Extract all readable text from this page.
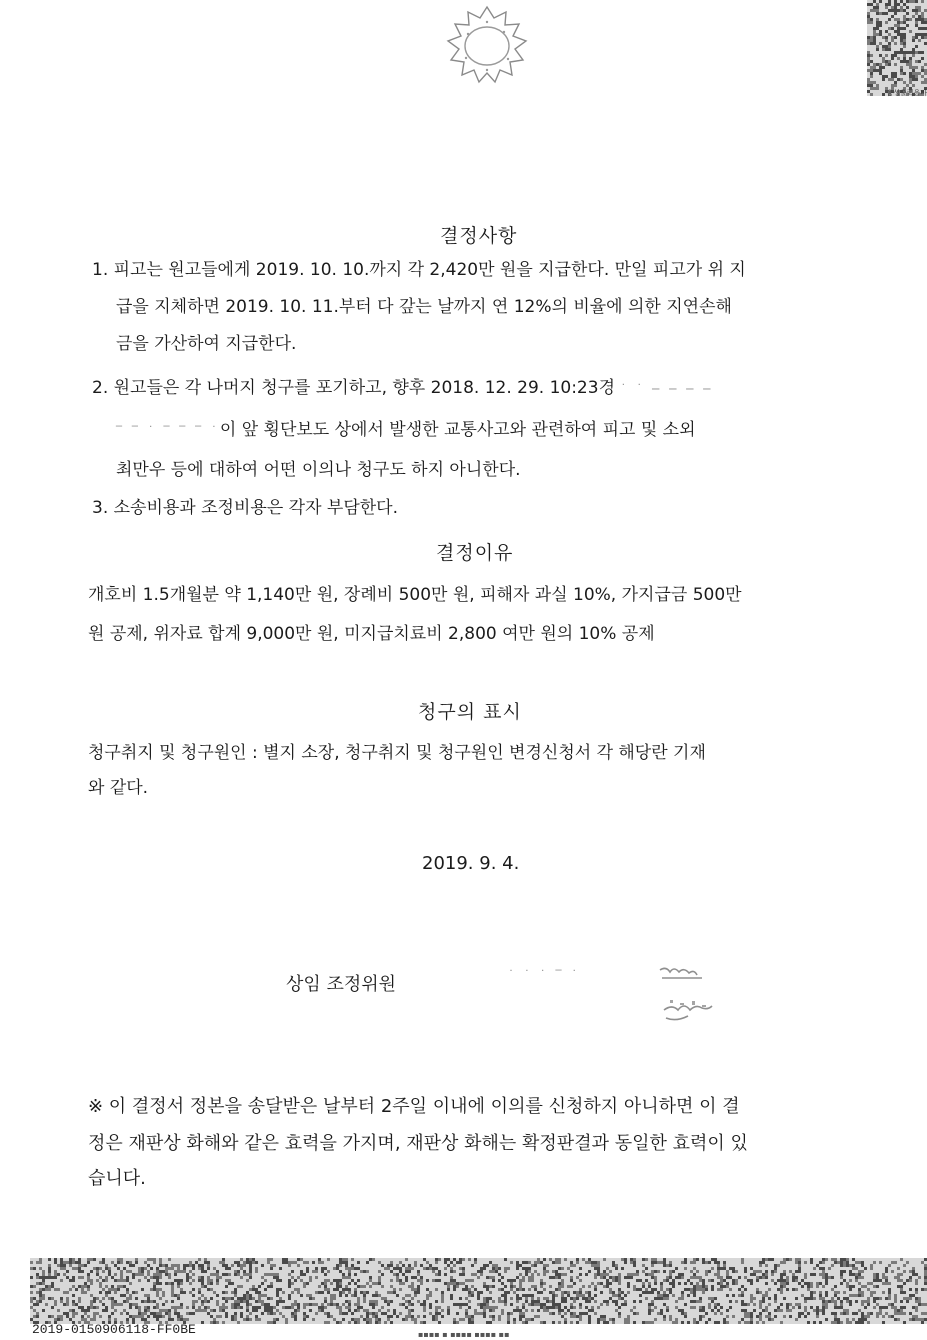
음성출력용바
결정사항
1. 피고는 원고들에게 2019. 10. 10.까지 각 2,420만 원을 지급한다. 만일 피고가 위 지
급을 지체하면 2019. 10. 11.부터 다 갚는 날까지 연 12%의 비율에 의한 지연손해
금을 가산하여 지급한다.
2. 원고들은 각 나머지 청구를 포기하고, 향후 2018. 12. 29. 10:23경 ˙ ˙ ─ ─ ─ ─
‾ ‾ ˙ ‾ ‾ ‾ ˙이 앞 횡단보도 상에서 발생한 교통사고와 관련하여 피고 및 소외
최만우 등에 대하여 어떤 이의나 청구도 하지 아니한다.
3. 소송비용과 조정비용은 각자 부담한다.
결정이유
개호비 1.5개월분 약 1,140만 원, 장례비 500만 원, 피해자 과실 10%, 가지급금 500만
원 공제, 위자료 합계 9,000만 원, 미지급치료비 2,800 여만 원의 10% 공제
청구의 표시
청구취지 및 청구원인 : 별지 소장, 청구취지 및 청구원인 변경신청서 각 해당란 기재
와 같다.
2019. 9. 4.
상임 조정위원	˙ ˙ ˙ ‾ ˙
※ 이 결정서 정본을 송달받은 날부터 2주일 이내에 이의를 신청하지 아니하면 이 결
정은 재판상 화해와 같은 효력을 가지며, 재판상 화해는 확정판결과 동일한 효력이 있
습니다.
2019-0150906118-FF0BE	▪▪▪▪ ▪ ▪▪▪▪ ▪▪▪▪ ▪▪
